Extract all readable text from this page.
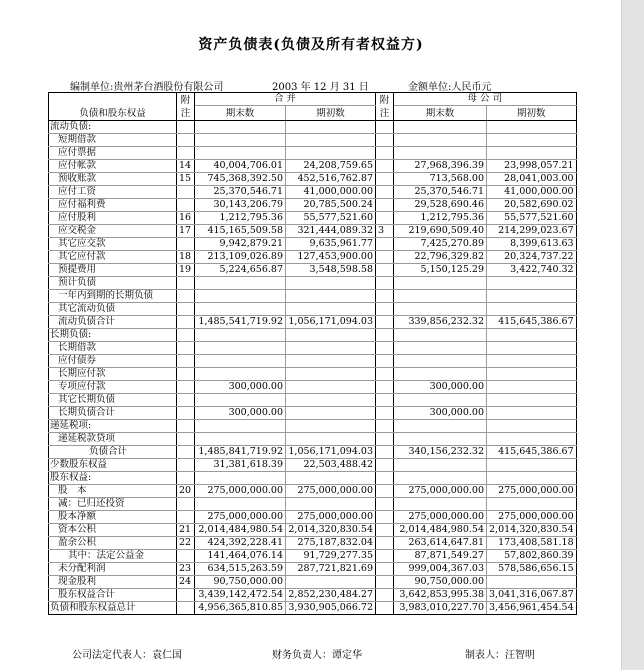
资产负债表(负债及所有者权益方)
编制单位:贵州茅台酒股份有限公司	2003 年 12 月 31 日	金额单位:人民币元
负债和股东权益	附注	合 并		附注	母 公 司	
		期末数	期初数		期末数	期初数
流动负债:						
短期借款						
应付票据						
应付帐款	14	40,004,706.01	24,208,759.65		27,968,396.39	23,998,057.21
预收账款	15	745,368,392.50	452,516,762.87		713,568.00	28,041,003.00
应付工资		25,370,546.71	41,000,000.00		25,370,546.71	41,000,000.00
应付福利费		30,143,206.79	20,785,500.24		29,528,690.46	20,582,690.02
应付股利	16	1,212,795.36	55,577,521.60		1,212,795.36	55,577,521.60
应交税金	17	415,165,509.58	321,444,089.32	3	219,690,509.40	214,299,023.67
其它应交款		9,942,879.21	9,635,961.77		7,425,270.89	8,399,613.63
其它应付款	18	213,109,026.89	127,453,900.00		22,796,329.82	20,324,737.22
预提费用	19	5,224,656.87	3,548,598.58		5,150,125.29	3,422,740.32
预计负债						
一年内到期的长期负债						
其它流动负债						
流动负债合计		1,485,541,719.92	1,056,171,094.03		339,856,232.32	415,645,386.67
长期负债:						
长期借款						
应付债券						
长期应付款						
专项应付款		300,000.00			300,000.00	
其它长期负债						
长期负债合计		300,000.00			300,000.00	
递延税项:						
递延税款贷项						
负债合计		1,485,841,719.92	1,056,171,094.03		340,156,232.32	415,645,386.67
少数股东权益		31,381,618.39	22,503,488.42			
股东权益:						
股　本	20	275,000,000.00	275,000,000.00		275,000,000.00	275,000,000.00
减：已归还投资						
股本净额		275,000,000.00	275,000,000.00		275,000,000.00	275,000,000.00
资本公积	21	2,014,484,980.54	2,014,320,830.54		2,014,484,980.54	2,014,320,830.54
盈余公积	22	424,392,228.41	275,187,832.04		263,614,647.81	173,408,581.18
其中：法定公益金		141,464,076.14	91,729,277.35		87,871,549.27	57,802,860.39
未分配利润	23	634,515,263.59	287,721,821.69		999,004,367.03	578,586,656.15
现金股利	24	90,750,000.00			90,750,000.00	
股东权益合计		3,439,142,472.54	2,852,230,484.27		3,642,853,995.38	3,041,316,067.87
负债和股东权益总计		4,956,365,810.85	3,930,905,066.72		3,983,010,227.70	3,456,961,454.54
公司法定代表人：袁仁国	财务负责人：谭定华	制表人：汪智明
